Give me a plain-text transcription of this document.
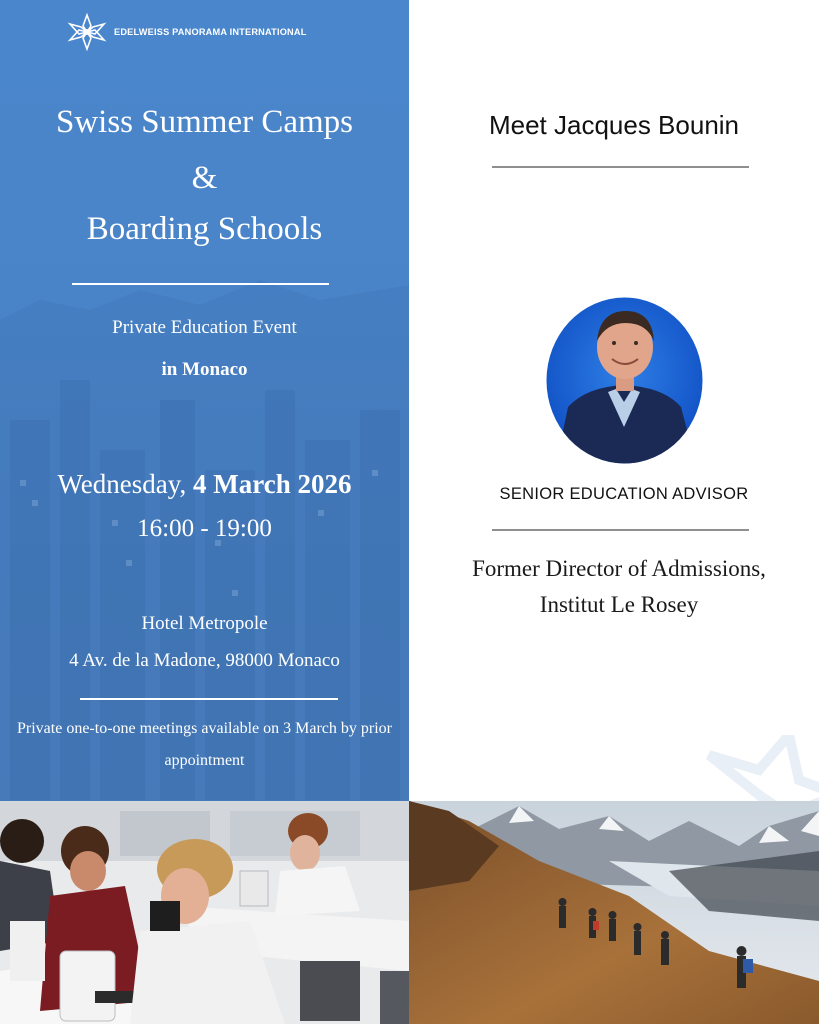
EDELWEISS PANORAMA INTERNATIONAL
Swiss Summer Camps
&
Boarding Schools
Private Education Event
in Monaco
Wednesday, 4 March 2026
16:00 - 19:00
Hotel Metropole
4 Av. de la Madone, 98000 Monaco
Private one-to-one meetings available on 3 March by prior appointment
Meet Jacques Bounin
SENIOR EDUCATION ADVISOR
Former Director of Admissions,
Institut Le Rosey
